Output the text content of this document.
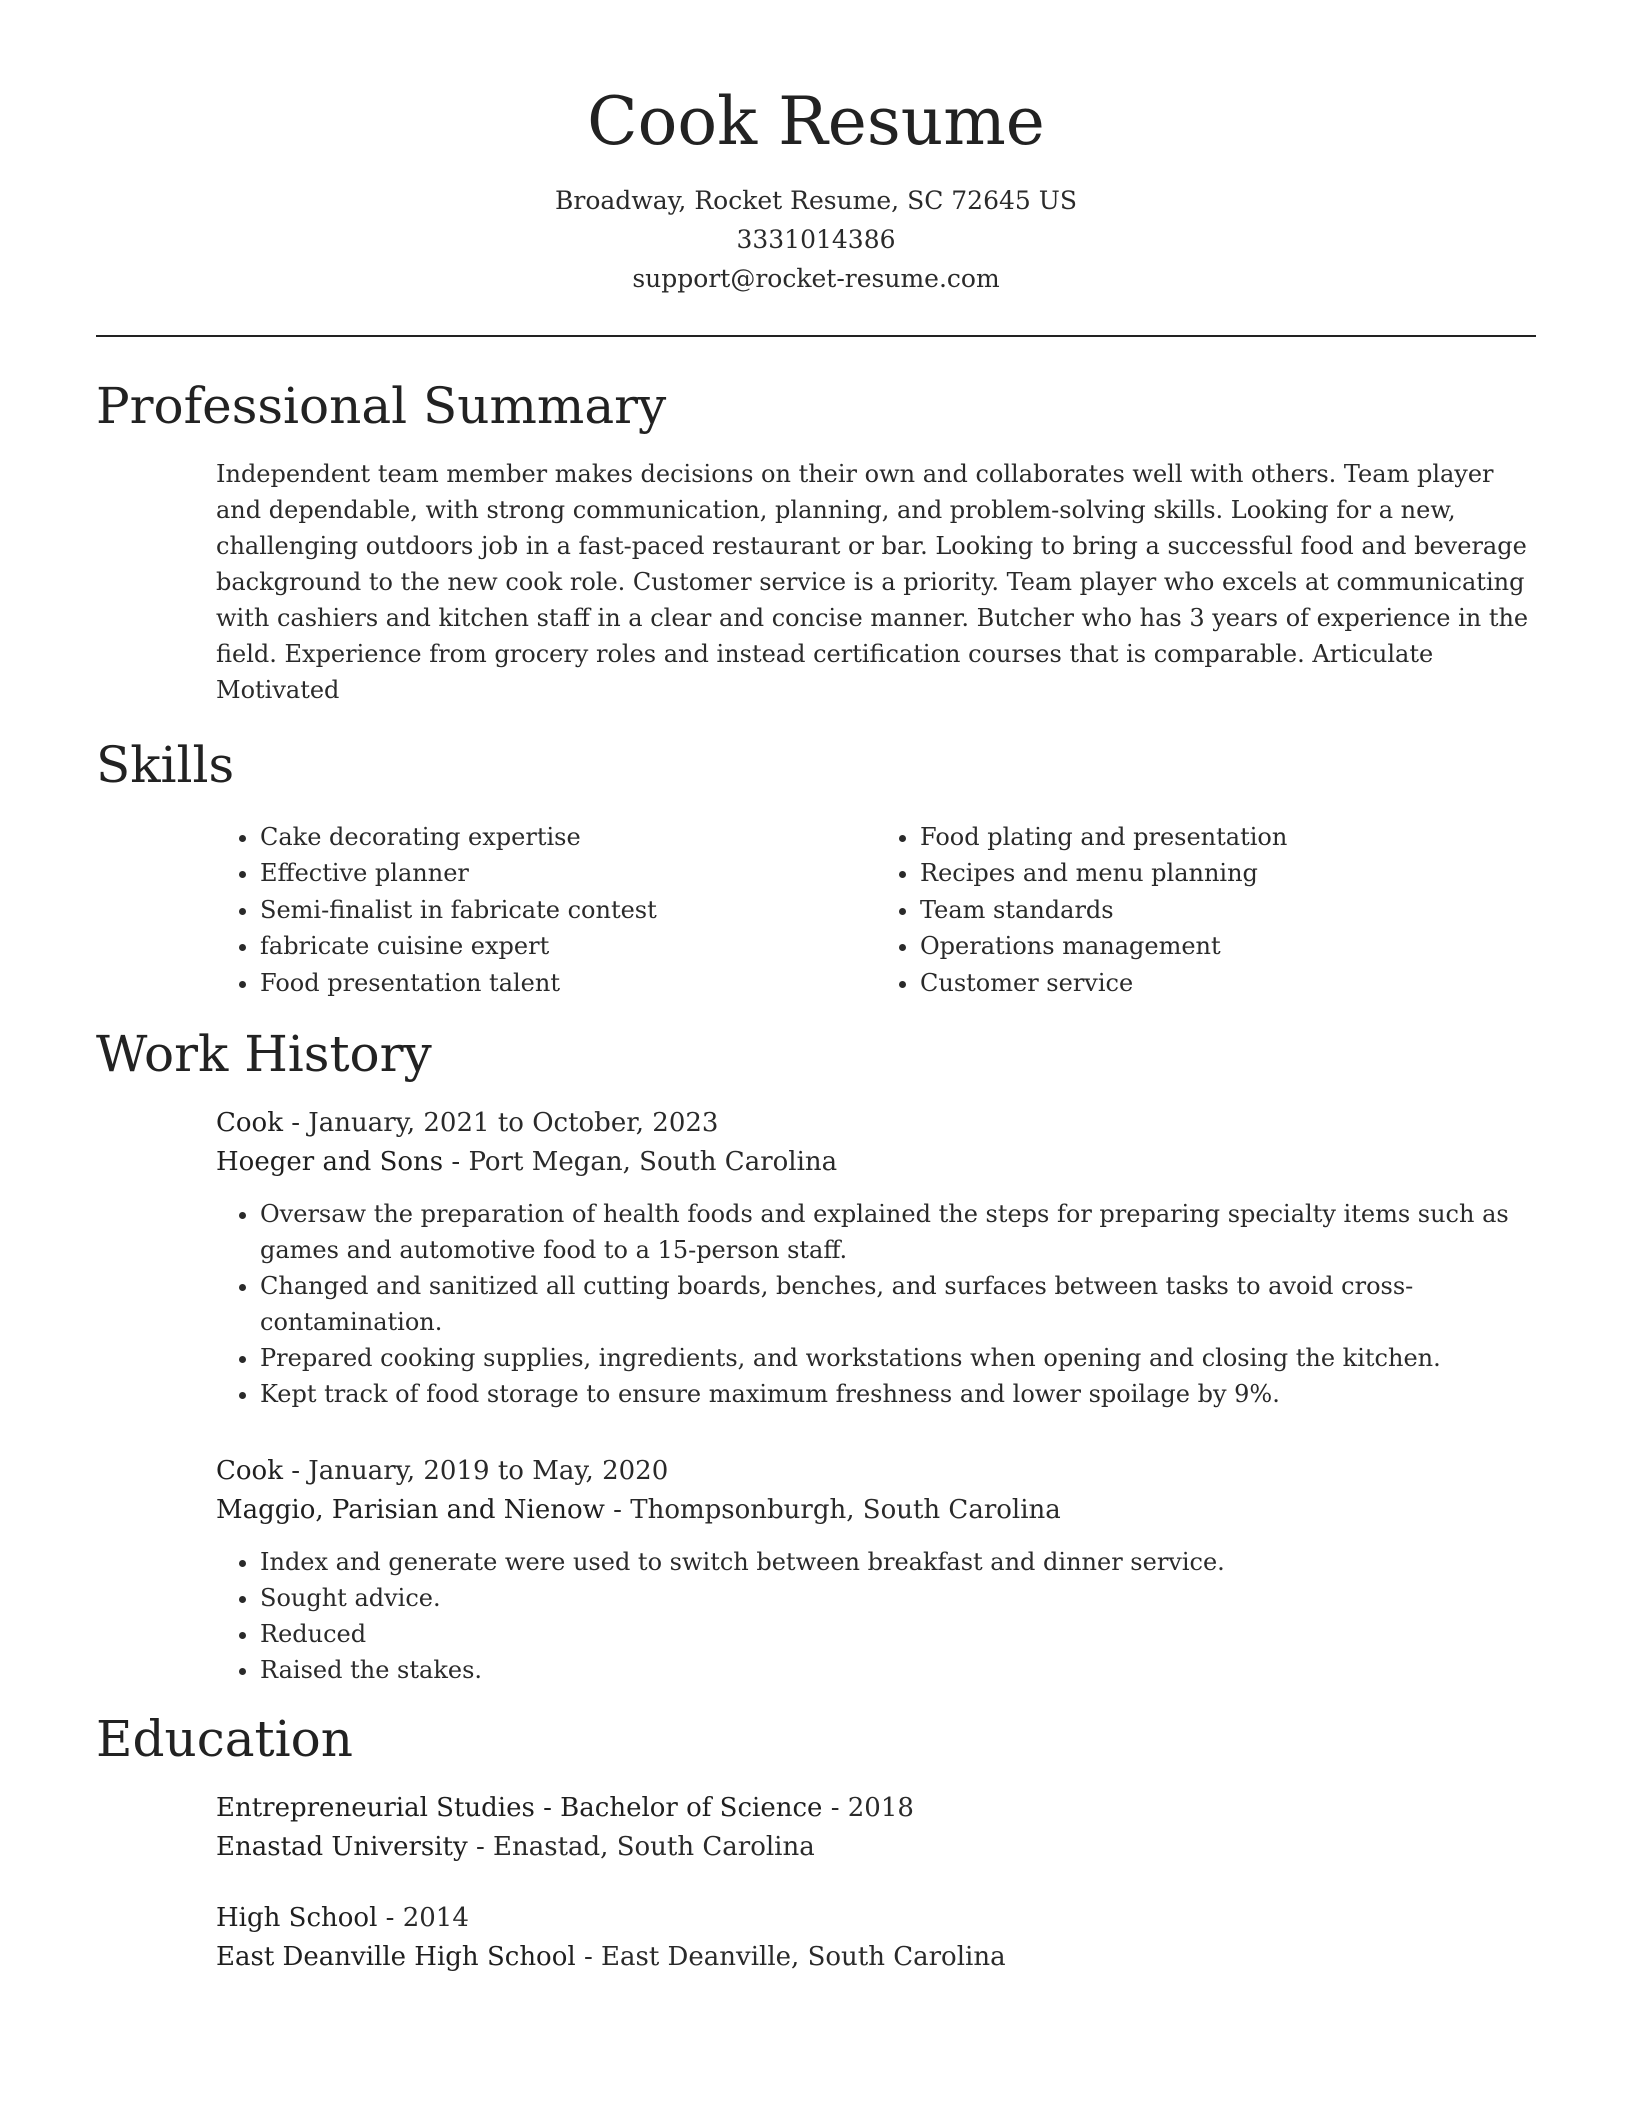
Cook Resume
Broadway, Rocket Resume, SC 72645 US
3331014386
support@rocket-resume.com
Professional Summary
Independent team member makes decisions on their own and collaborates well with others. Team player and dependable, with strong communication, planning, and problem-solving skills. Looking for a new, challenging outdoors job in a fast-paced restaurant or bar. Looking to bring a successful food and beverage background to the new cook role. Customer service is a priority. Team player who excels at communicating with cashiers and kitchen staff in a clear and concise manner. Butcher who has 3 years of experience in the field. Experience from grocery roles and instead certification courses that is comparable. Articulate Motivated
Skills
• Cake decorating expertise
• Effective planner
• Semi-finalist in fabricate contest
• fabricate cuisine expert
• Food presentation talent
• Food plating and presentation
• Recipes and menu planning
• Team standards
• Operations management
• Customer service
Work History
Cook - January, 2021 to October, 2023
Hoeger and Sons - Port Megan, South Carolina
• Oversaw the preparation of health foods and explained the steps for preparing specialty items such as games and automotive food to a 15-person staff.
• Changed and sanitized all cutting boards, benches, and surfaces between tasks to avoid cross-contamination.
• Prepared cooking supplies, ingredients, and workstations when opening and closing the kitchen.
• Kept track of food storage to ensure maximum freshness and lower spoilage by 9%.
Cook - January, 2019 to May, 2020
Maggio, Parisian and Nienow - Thompsonburgh, South Carolina
• Index and generate were used to switch between breakfast and dinner service.
• Sought advice.
• Reduced
• Raised the stakes.
Education
Entrepreneurial Studies - Bachelor of Science - 2018
Enastad University - Enastad, South Carolina
High School - 2014
East Deanville High School - East Deanville, South Carolina
